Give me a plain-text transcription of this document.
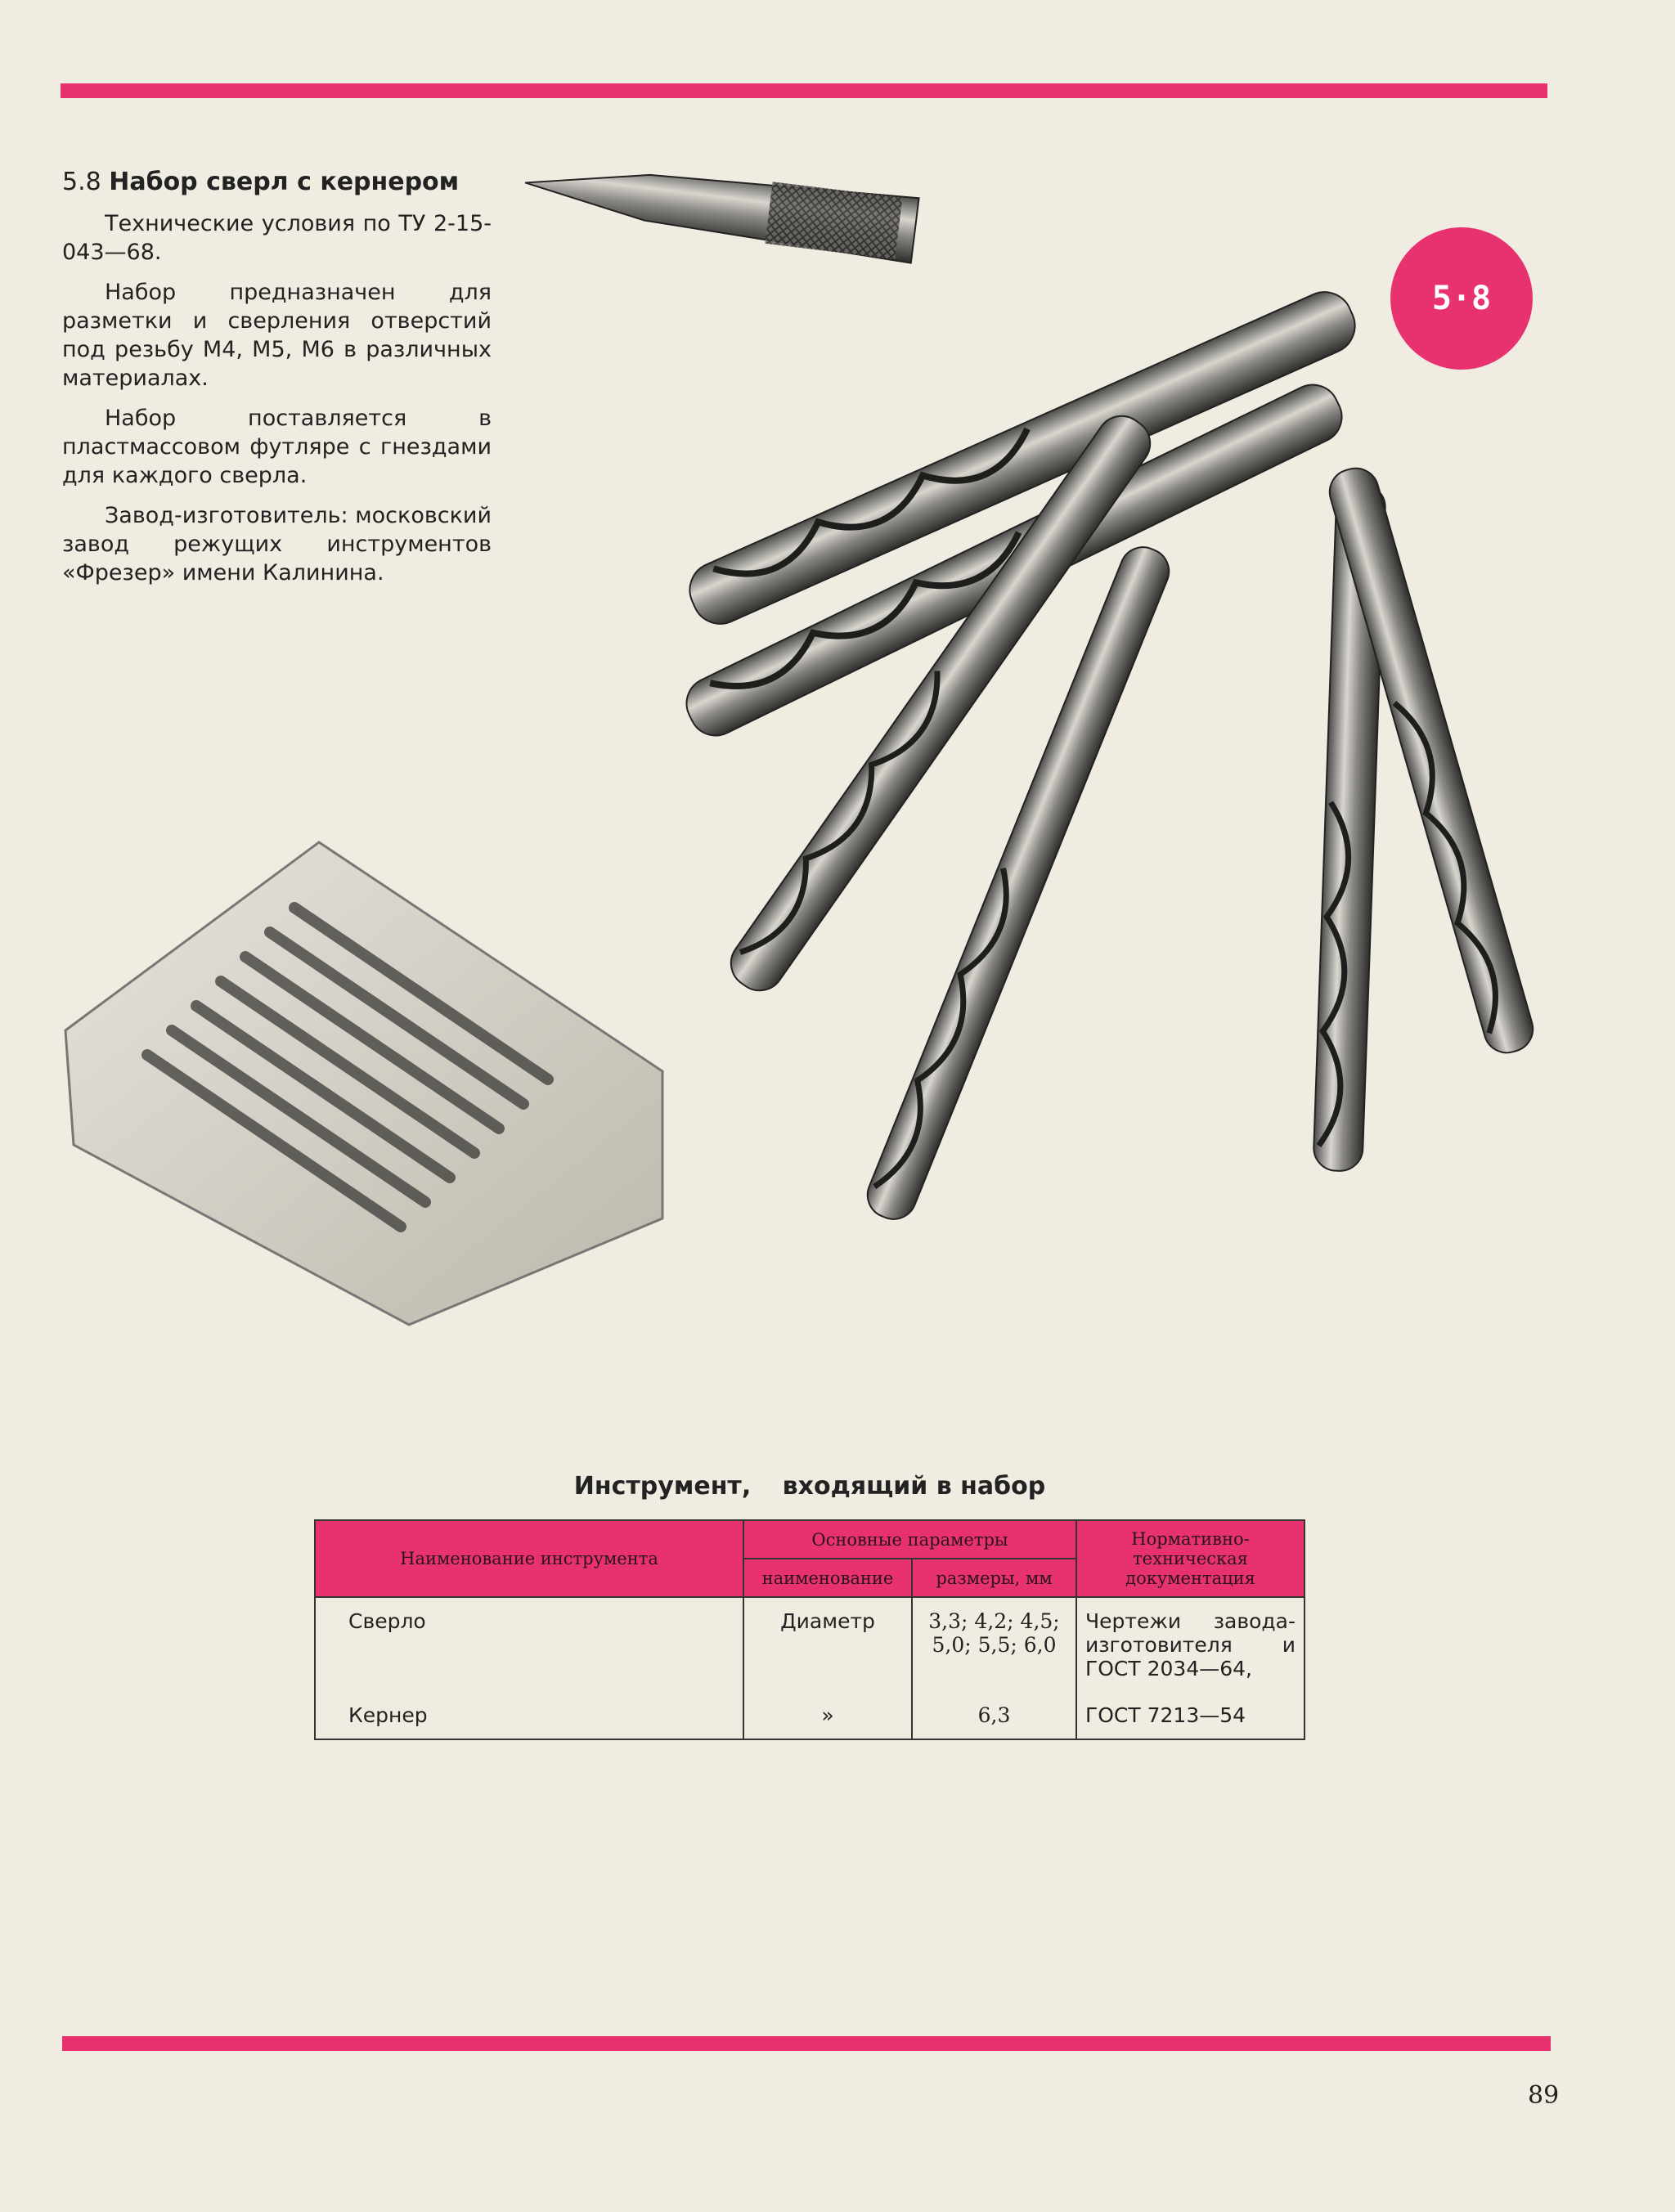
5.8 Набор сверл с кернером

Технические условия по ТУ 2-15-043—68.

Набор предназначен для разметки и сверления отверстий под резьбу М4, М5, М6 в различных материалах.

Набор поставляется в пластмассовом футляре с гнездами для каждого сверла.

Завод-изготовитель: московский завод режущих инструментов «Фрезер» имени Калинина.

5·8
Инструмент, входящий в набор
Наименование инструмента	Основные параметры		Нормативно-техническая документация
	наименование	размеры, мм	
Сверло	Диаметр	3,3; 4,2; 4,5; 5,0; 5,5; 6,0	Чертежи завода-изготовителя и ГОСТ 2034—64,
Кернер	»	6,3	ГОСТ 7213—54
89
